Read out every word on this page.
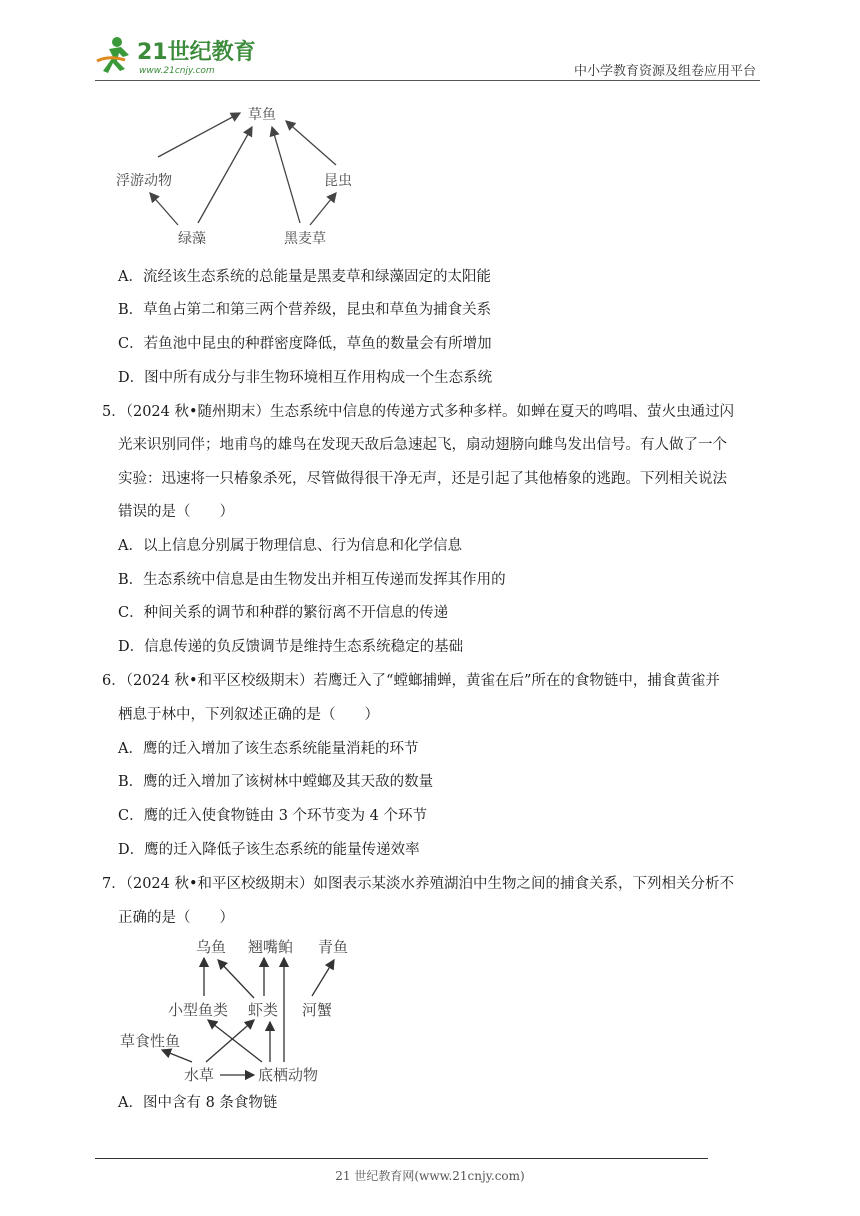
21世纪教育
www.21cnjy.com	中小学教育资源及组卷应用平台
草鱼
浮游动物	昆虫
绿藻	黑麦草
A．流经该生态系统的总能量是黑麦草和绿藻固定的太阳能
B．草鱼占第二和第三两个营养级，昆虫和草鱼为捕食关系
C．若鱼池中昆虫的种群密度降低，草鱼的数量会有所增加
D．图中所有成分与非生物环境相互作用构成一个生态系统
5．（2024 秋•随州期末）生态系统中信息的传递方式多种多样。如蝉在夏天的鸣唱、萤火虫通过闪
光来识别同伴；地甫鸟的雄鸟在发现天敌后急速起飞，扇动翅膀向雌鸟发出信号。有人做了一个
实验：迅速将一只椿象杀死，尽管做得很干净无声，还是引起了其他椿象的逃跑。下列相关说法
错误的是（　　）
A．以上信息分别属于物理信息、行为信息和化学信息
B．生态系统中信息是由生物发出并相互传递而发挥其作用的
C．种间关系的调节和种群的繁衍离不开信息的传递
D．信息传递的负反馈调节是维持生态系统稳定的基础
6．（2024 秋•和平区校级期末）若鹰迁入了“螳螂捕蝉，黄雀在后”所在的食物链中，捕食黄雀并
栖息于林中，下列叙述正确的是（　　）
A．鹰的迁入增加了该生态系统能量消耗的环节
B．鹰的迁入增加了该树林中螳螂及其天敌的数量
C．鹰的迁入使食物链由 3 个环节变为 4 个环节
D．鹰的迁入降低子该生态系统的能量传递效率
7．（2024 秋•和平区校级期末）如图表示某淡水养殖湖泊中生物之间的捕食关系，下列相关分析不
正确的是（　　）
乌鱼 翘嘴鲌 青鱼
小型鱼类 虾类 河蟹
草食性鱼
水草	底栖动物
A．图中含有 8 条食物链
21 世纪教育网(www.21cnjy.com)
